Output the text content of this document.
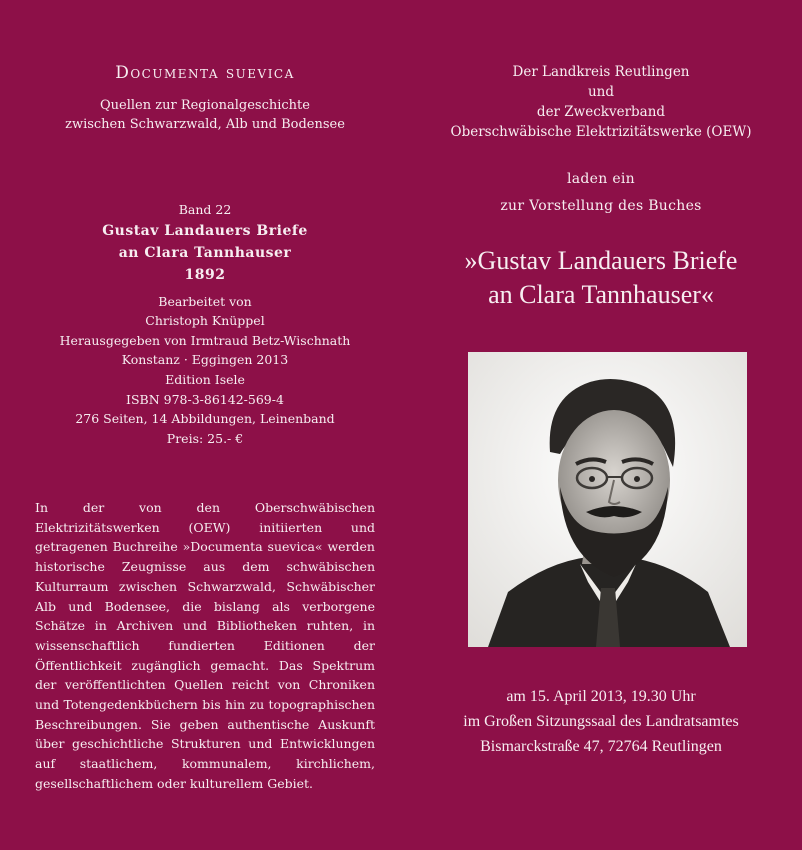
Documenta suevica
Quellen zur Regionalgeschichte
zwischen Schwarzwald, Alb und Bodensee
Band 22
Gustav Landauers Briefe
an Clara Tannhauser
1892
Bearbeitet von
Christoph Knüppel
Herausgegeben von Irmtraud Betz-Wischnath
Konstanz · Eggingen 2013
Edition Isele
ISBN 978-3-86142-569-4
276 Seiten, 14 Abbildungen, Leinenband
Preis: 25.- €
In der von den Oberschwäbischen Elektrizitätswerken (OEW) initiierten und getragenen Buchreihe »Documenta suevica« werden historische Zeugnisse aus dem schwäbischen Kulturraum zwischen Schwarzwald, Schwäbischer Alb und Bodensee, die bislang als verborgene Schätze in Archiven und Bibliotheken ruhten, in wissenschaftlich fundierten Editionen der Öffentlichkeit zugänglich gemacht. Das Spektrum der veröffentlichten Quellen reicht von Chroniken und Totengedenkbüchern bis hin zu topographischen Beschreibungen. Sie geben authentische Auskunft über geschichtliche Strukturen und Entwicklungen auf staatlichem, kommunalem, kirchlichem, gesellschaftlichem oder kulturellem Gebiet.
Der Landkreis Reutlingen
und
der Zweckverband
Oberschwäbische Elektrizitätswerke (OEW)
laden ein
zur Vorstellung des Buches
»Gustav Landauers Briefe
an Clara Tannhauser«
am 15. April 2013, 19.30 Uhr
im Großen Sitzungssaal des Landratsamtes
Bismarckstraße 47, 72764 Reutlingen
